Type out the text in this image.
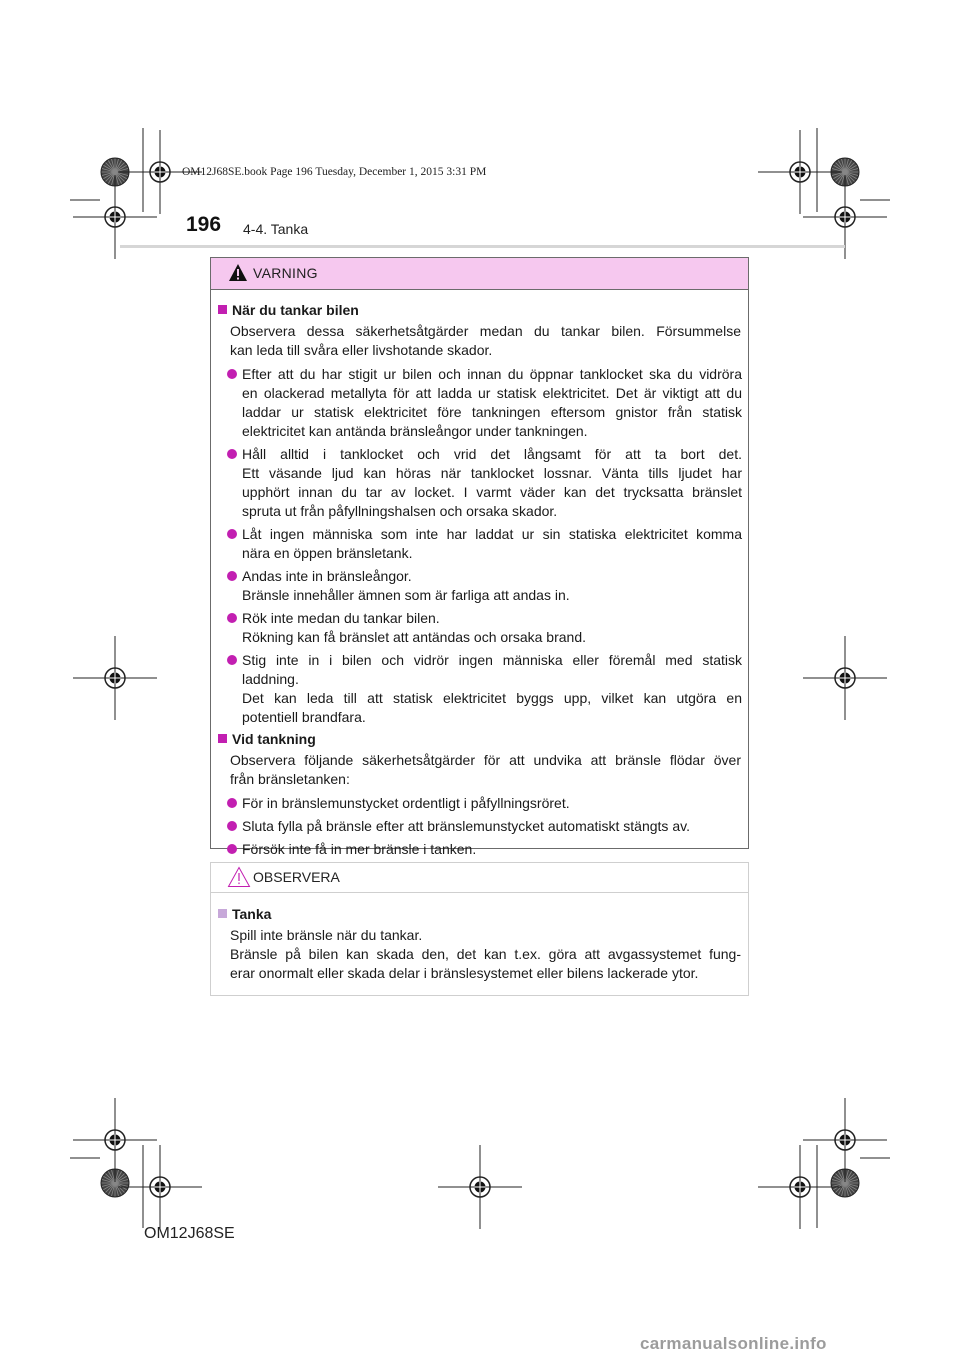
OM12J68SE.book Page 196 Tuesday, December 1, 2015 3:31 PM
196 4-4. Tanka
VARNING
När du tankar bilen
Observera dessa säkerhetsåtgärder medan du tankar bilen. Försummelse
kan leda till svåra eller livshotande skador.
Efter att du har stigit ur bilen och innan du öppnar tanklocket ska du vidröra
en olackerad metallyta för att ladda ur statisk elektricitet. Det är viktigt att du
laddar ur statisk elektricitet före tankningen eftersom gnistor från statisk
elektricitet kan antända bränsleångor under tankningen.
Håll alltid i tanklocket och vrid det långsamt för att ta bort det.
Ett väsande ljud kan höras när tanklocket lossnar. Vänta tills ljudet har
upphört innan du tar av locket. I varmt väder kan det trycksatta bränslet
spruta ut från påfyllningshalsen och orsaka skador.
Låt ingen människa som inte har laddat ur sin statiska elektricitet komma
nära en öppen bränsletank.
Andas inte in bränsleångor.
Bränsle innehåller ämnen som är farliga att andas in.
Rök inte medan du tankar bilen.
Rökning kan få bränslet att antändas och orsaka brand.
Stig inte in i bilen och vidrör ingen människa eller föremål med statisk
laddning.
Det kan leda till att statisk elektricitet byggs upp, vilket kan utgöra en
potentiell brandfara.
Vid tankning
Observera följande säkerhetsåtgärder för att undvika att bränsle flödar över
från bränsletanken:
För in bränslemunstycket ordentligt i påfyllningsröret.
Sluta fylla på bränsle efter att bränslemunstycket automatiskt stängts av.
Försök inte få in mer bränsle i tanken.
OBSERVERA
Tanka
Spill inte bränsle när du tankar.
Bränsle på bilen kan skada den, det kan t.ex. göra att avgassystemet fung-
erar onormalt eller skada delar i bränslesystemet eller bilens lackerade ytor.
OM12J68SE
carmanualsonline.info
